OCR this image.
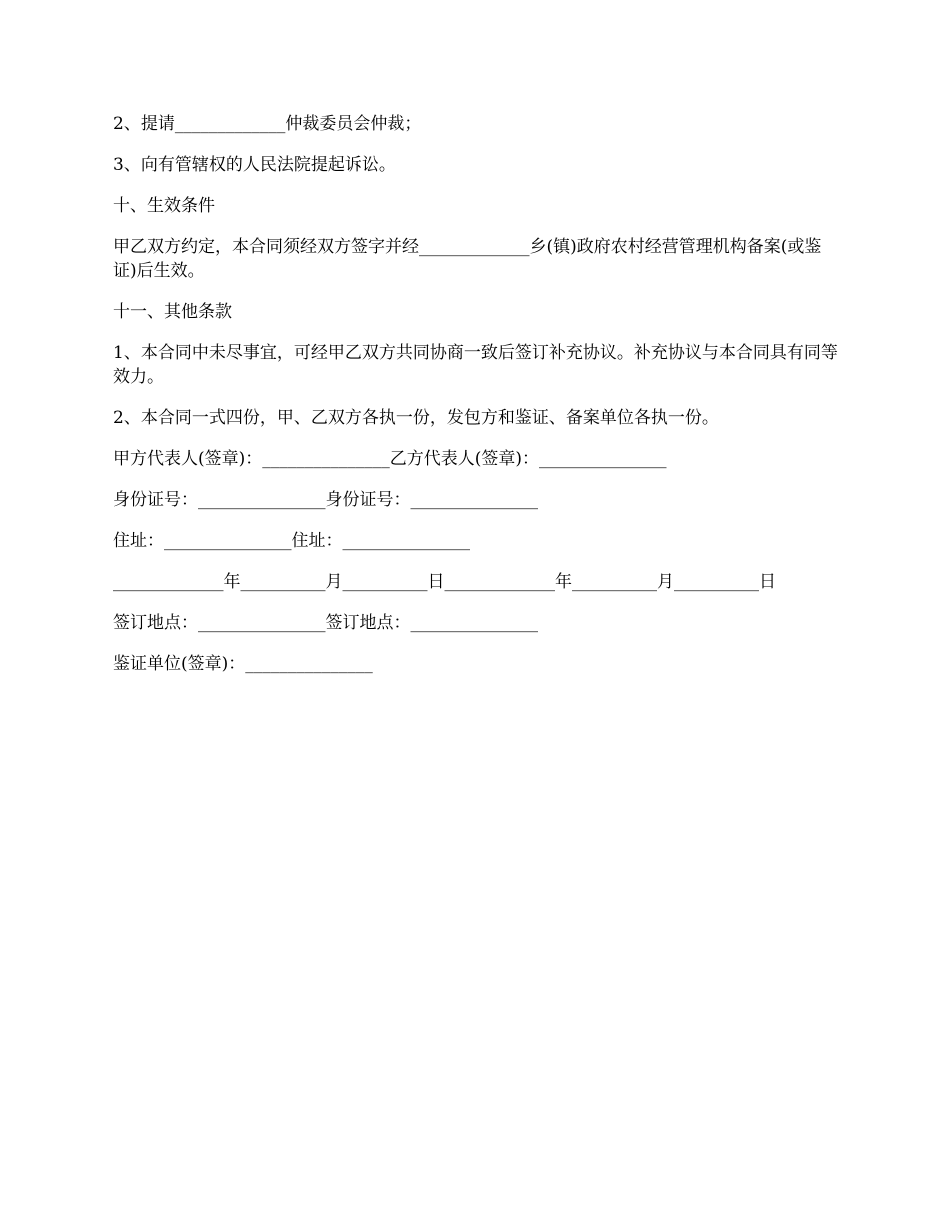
2、提请_____________仲裁委员会仲裁；

3、向有管辖权的人民法院提起诉讼。

十、生效条件

甲乙双方约定，本合同须经双方签字并经_____________乡(镇)政府农村经营管理机构备案(或鉴证)后生效。

十一、其他条款

1、本合同中未尽事宜，可经甲乙双方共同协商一致后签订补充协议。补充协议与本合同具有同等效力。

2、本合同一式四份，甲、乙双方各执一份，发包方和鉴证、备案单位各执一份。

甲方代表人(签章)：_______________乙方代表人(签章)：_______________

身份证号：_______________身份证号：_______________

住址：_______________住址：_______________

_____________年__________月__________日_____________年__________月__________日

签订地点：_______________签订地点：_______________

鉴证单位(签章)：_______________
